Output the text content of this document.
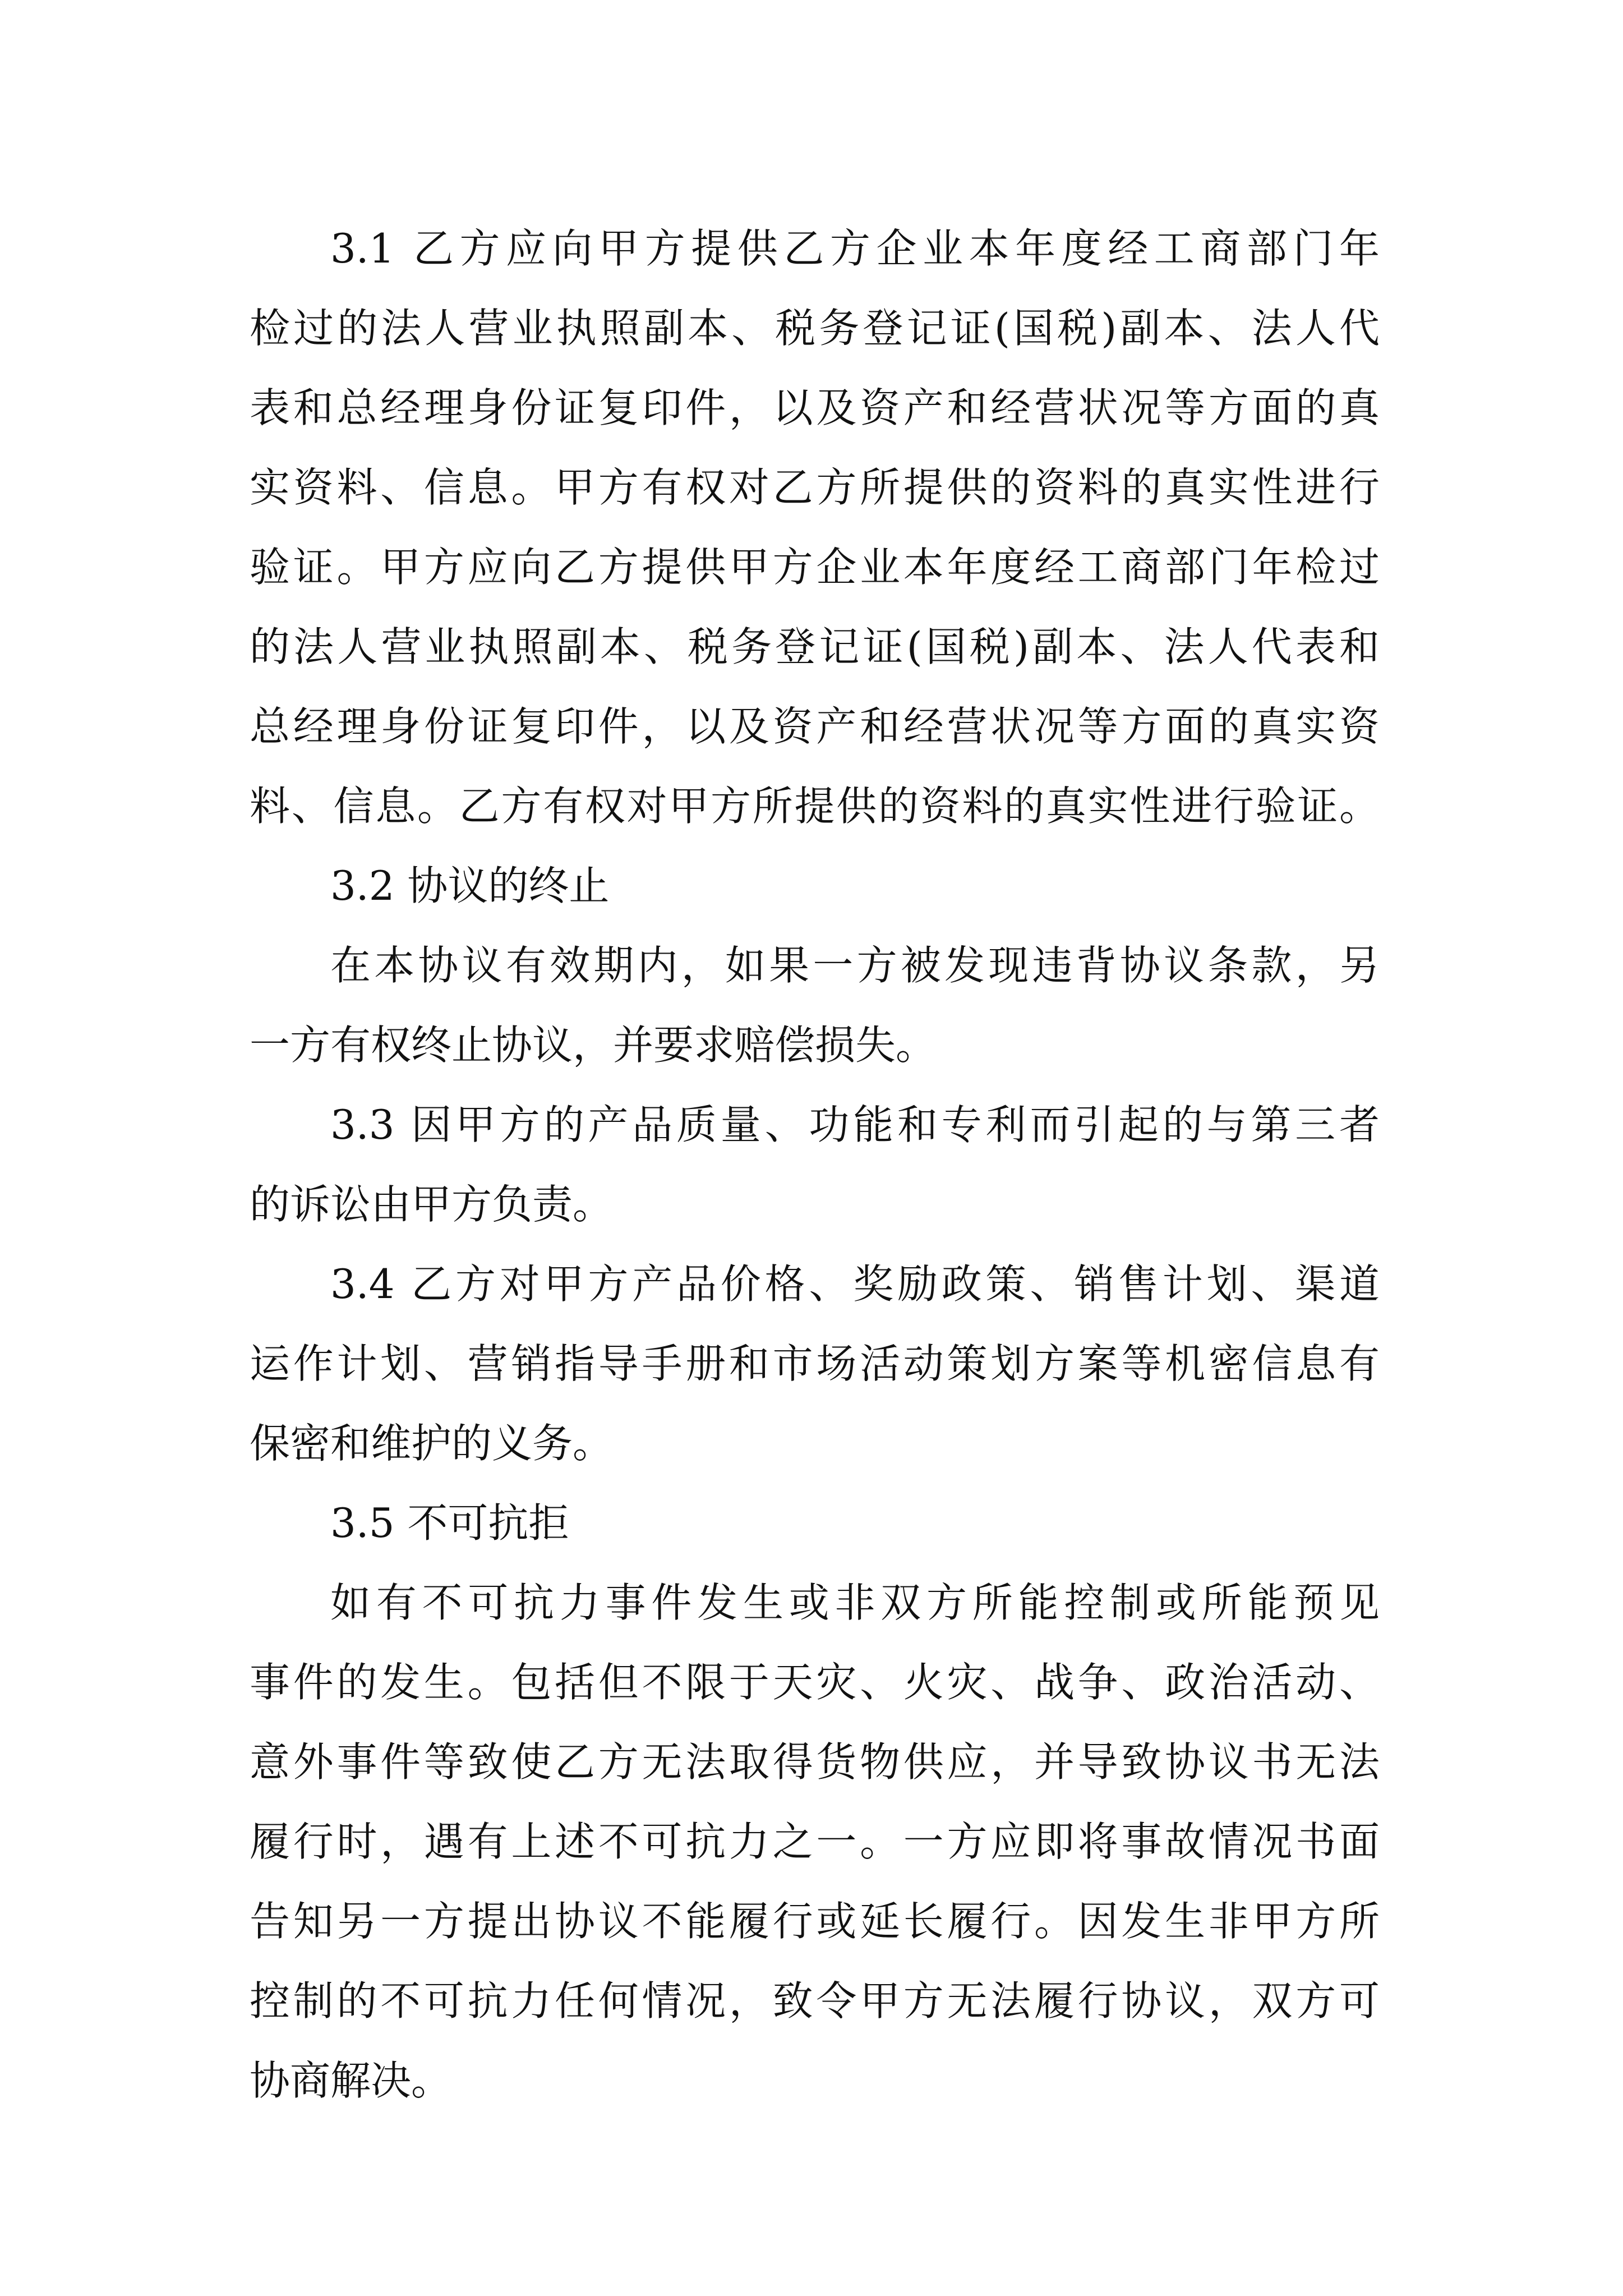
3.1 乙方应向甲方提供乙方企业本年度经工商部门年
检过的法人营业执照副本、税务登记证(国税)副本、法人代
表和总经理身份证复印件，以及资产和经营状况等方面的真
实资料、信息。甲方有权对乙方所提供的资料的真实性进行
验证。甲方应向乙方提供甲方企业本年度经工商部门年检过
的法人营业执照副本、税务登记证(国税)副本、法人代表和
总经理身份证复印件，以及资产和经营状况等方面的真实资
料、信息。乙方有权对甲方所提供的资料的真实性进行验证。
3.2 协议的终止
在本协议有效期内，如果一方被发现违背协议条款，另
一方有权终止协议，并要求赔偿损失。
3.3 因甲方的产品质量、功能和专利而引起的与第三者
的诉讼由甲方负责。
3.4 乙方对甲方产品价格、奖励政策、销售计划、渠道
运作计划、营销指导手册和市场活动策划方案等机密信息有
保密和维护的义务。
3.5 不可抗拒
如有不可抗力事件发生或非双方所能控制或所能预见
事件的发生。包括但不限于天灾、火灾、战争、政治活动、
意外事件等致使乙方无法取得货物供应，并导致协议书无法
履行时，遇有上述不可抗力之一。一方应即将事故情况书面
告知另一方提出协议不能履行或延长履行。因发生非甲方所
控制的不可抗力任何情况，致令甲方无法履行协议，双方可
协商解决。
